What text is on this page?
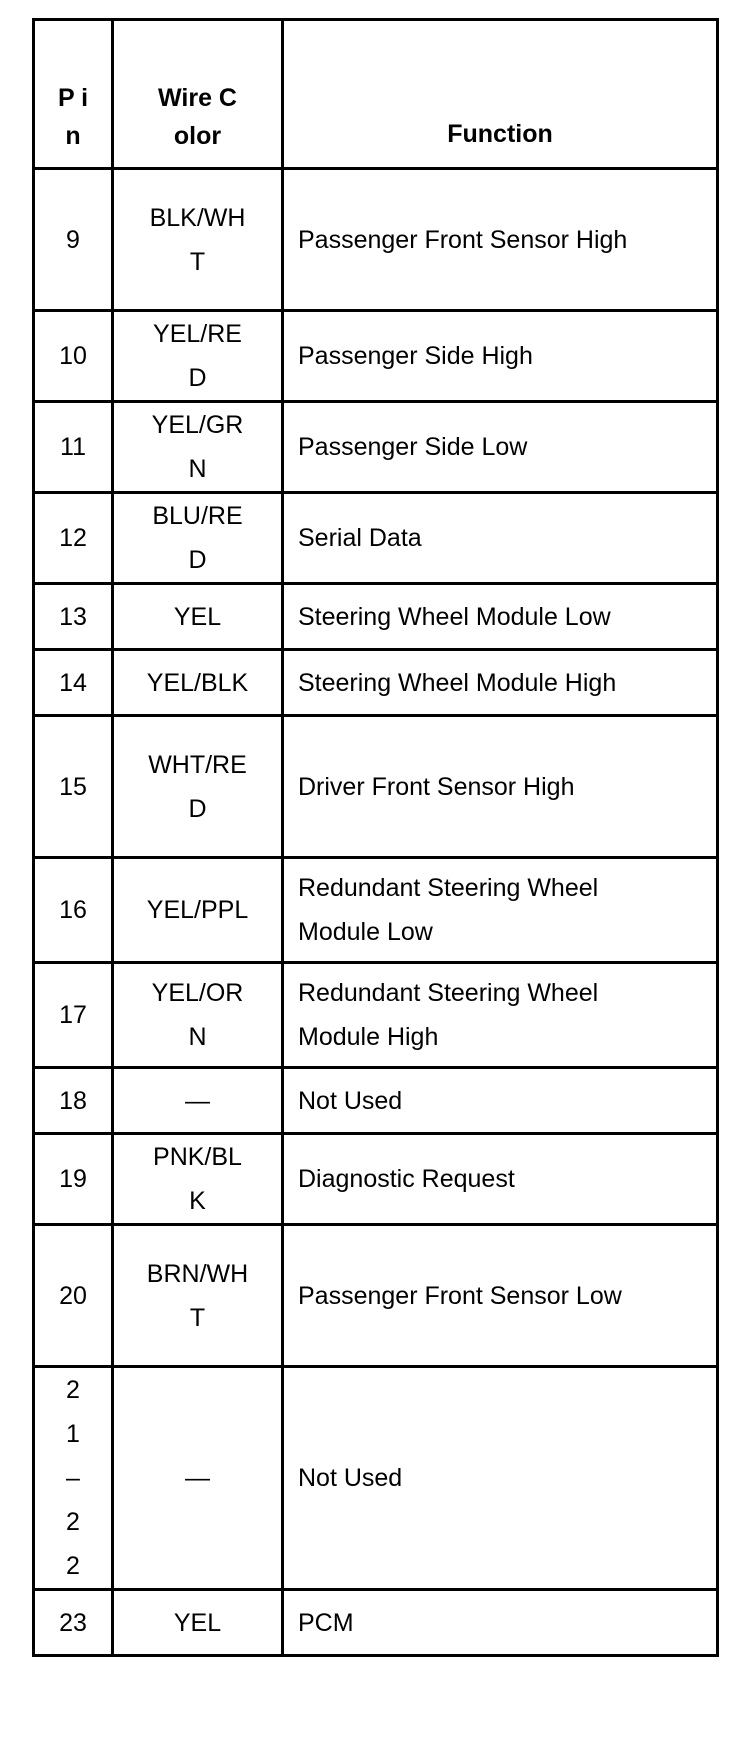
P in	Wire Color	Function

9	BLK/WHT	Passenger Front Sensor High

10	YEL/RED	Passenger Side High

11	YEL/GRN	Passenger Side Low

12	BLU/RED	Serial Data

13	YEL	Steering Wheel Module Low

14	YEL/BLK	Steering Wheel Module High

15	WHT/RED	Driver Front Sensor High

16	YEL/PPL	Redundant Steering Wheel Module Low

17	YEL/ORN	Redundant Steering Wheel Module High

18	—	Not Used

19	PNK/BLK	Diagnostic Request

20	BRN/WHT	Passenger Front Sensor Low

21–22	—	Not Used

23	YEL	PCM
